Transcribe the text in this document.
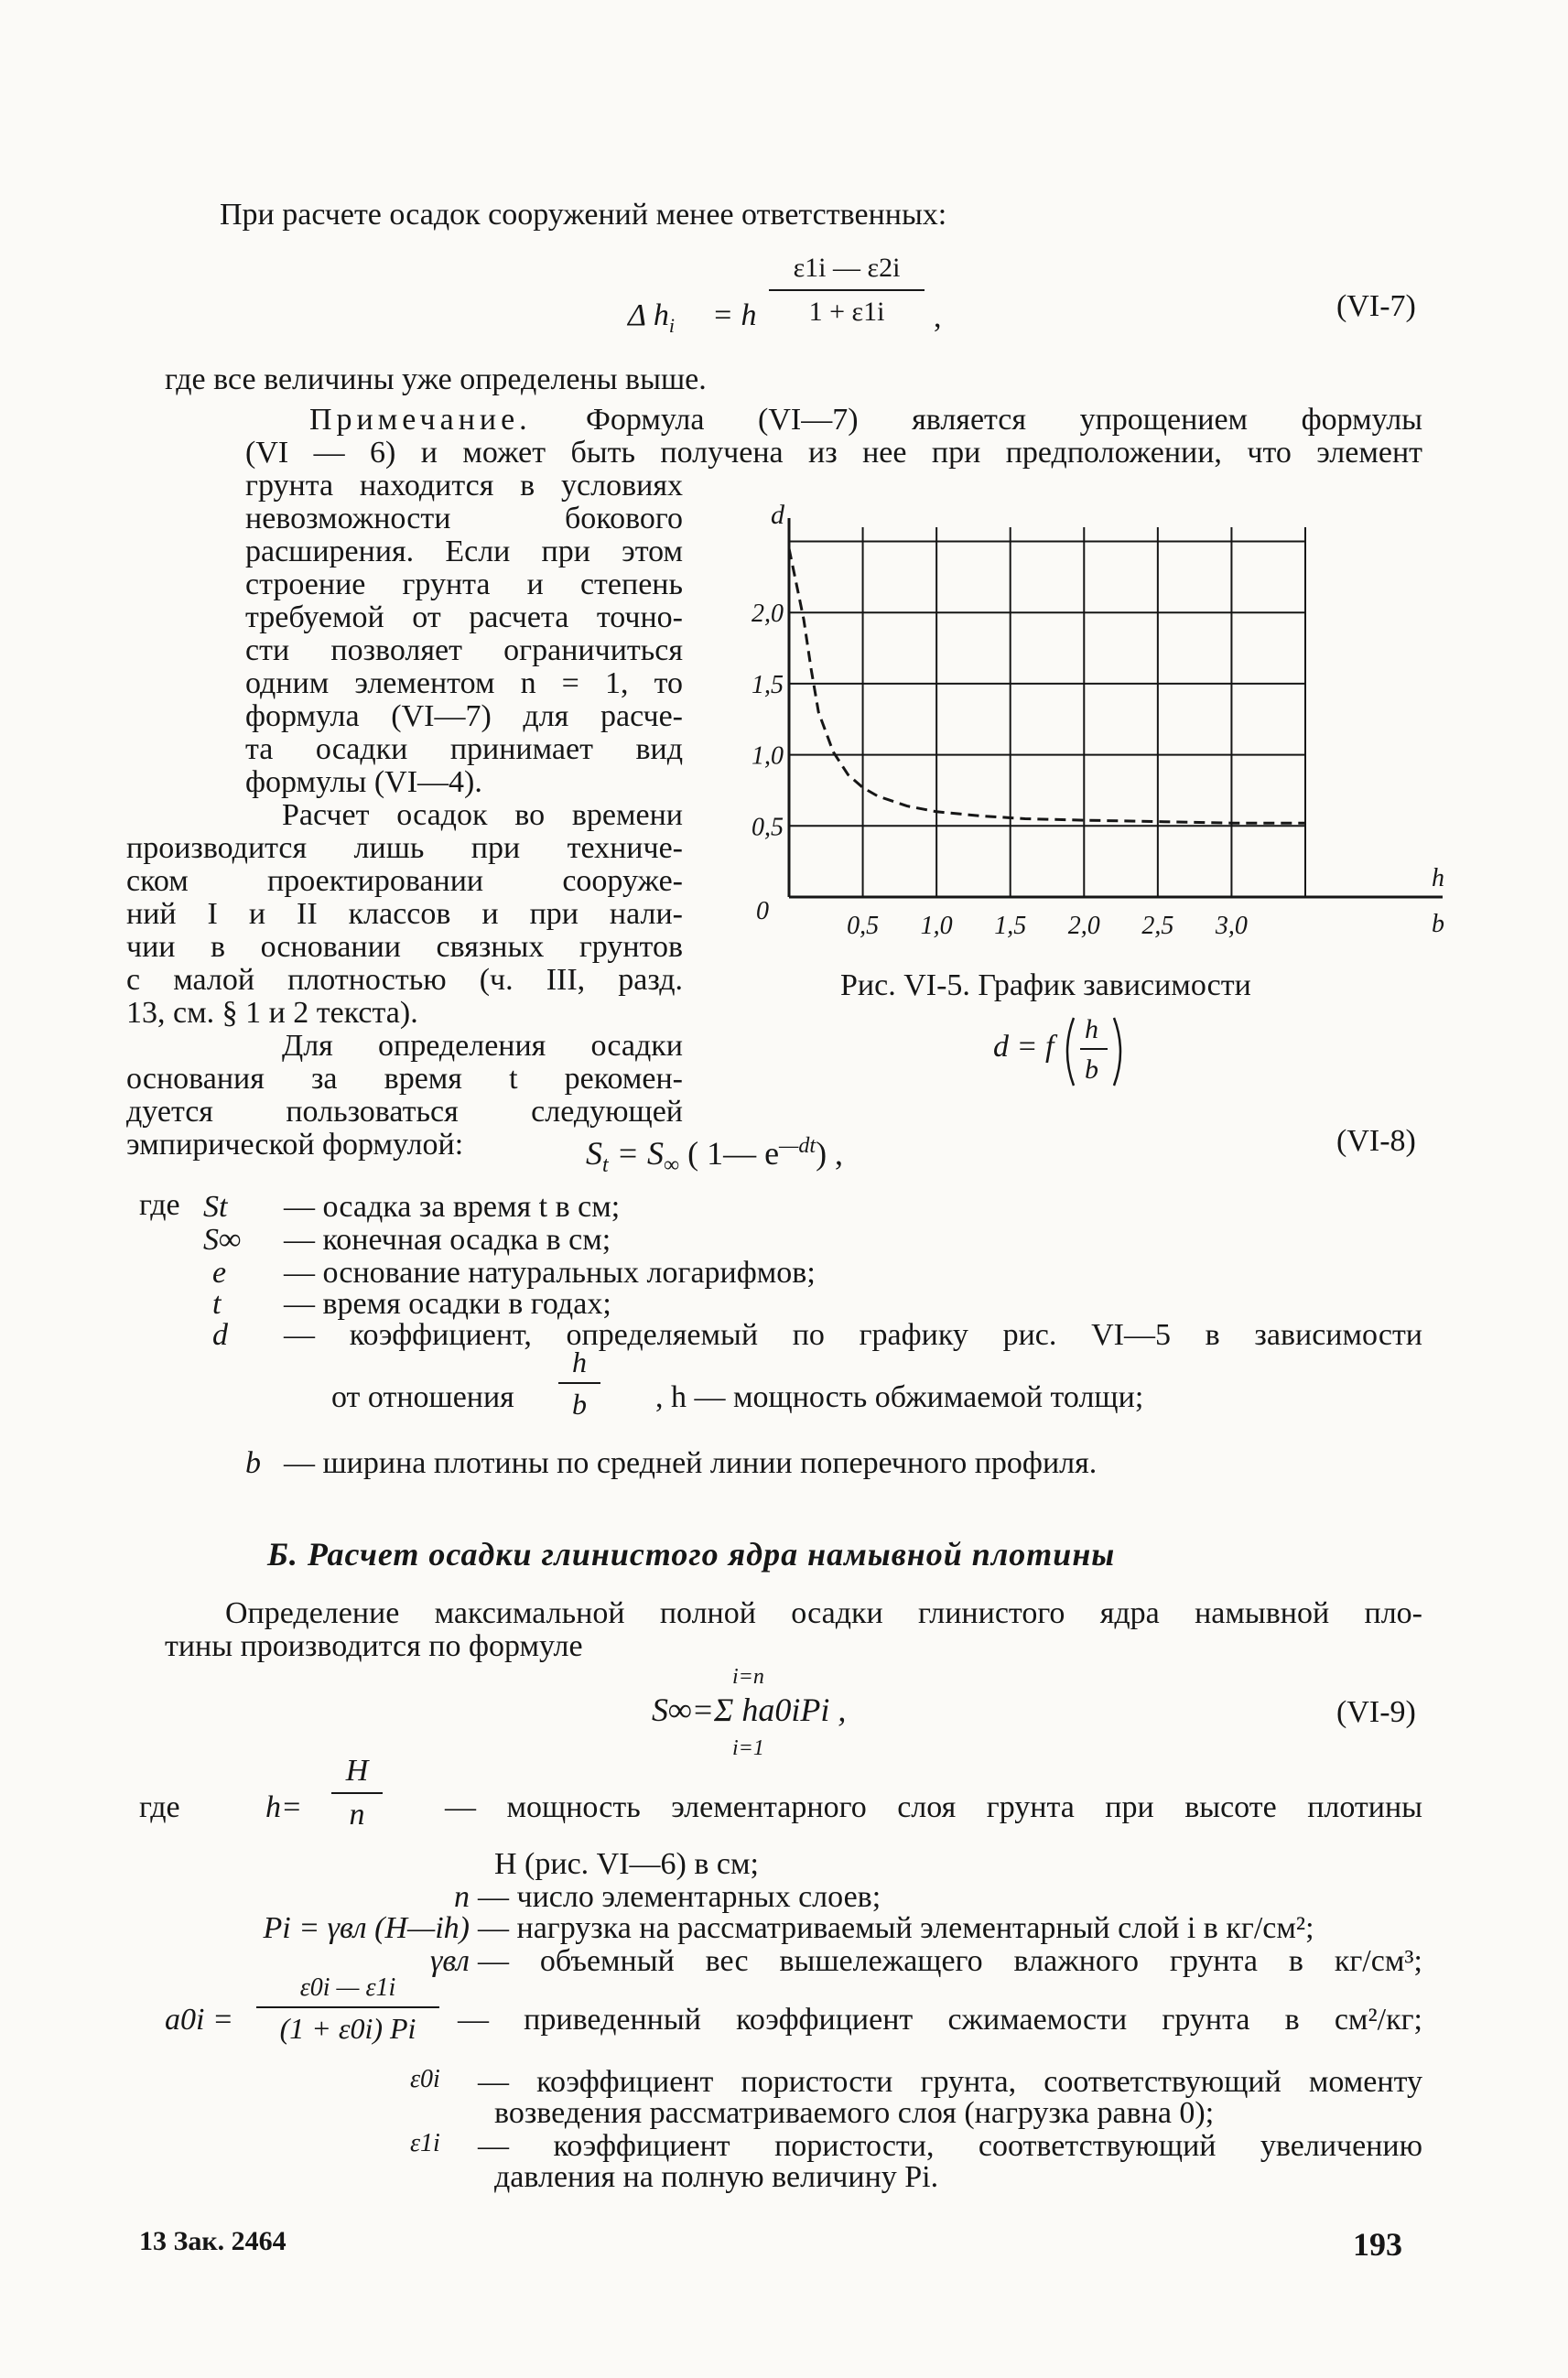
При расчете осадок сооружений менее ответственных:
Δ $h_i = h$
ε1i — ε2i
1 + ε1i	,	(VI-7)
где все величины уже определены выше.
Примечание. Формула (VI—7) является упрощением формулы
(VI — 6) и может быть получена из нее при предположении, что элемент
грунта находится в условиях
невозможности бокового
расширения. Если при этом
строение грунта и степень
требуемой от расчета точно-
сти позволяет ограничиться
одним элементом n = 1, то
формула (VI—7) для расче-
та осадки принимает вид
формулы (VI—4).
Расчет осадок во времени
производится лишь при техниче-
ском проектировании сооруже-
ний I и II классов и при нали-
чии в основании связных грунтов
с малой плотностью (ч. III, разд.
13, см. § 1 и 2 текста).
Для определения осадки
основания за время t рекомен-
дуется пользоваться следующей
эмпирической формулой:
0,5 1,0 1,5 2,0 2,5 3,0
0,5
1,0
1,5
2,0
0
d
h
b
Рис. VI-5. График зависимости
d = f
h
b
$S_t = S_\infty$ ( 1— $e^{—dt}$) ,	(VI-8)
где St — осадка за время t в см;
S∞ — конечная осадка в см;
e — основание натуральных логарифмов;
t — время осадки в годах;
d — коэффициент, определяемый по графику рис. VI—5 в зависимости
от отношения
h
b	, h — мощность обжимаемой толщи;
b — ширина плотины по средней линии поперечного профиля.
Б. Расчет осадки глинистого ядра намывной плотины
Определение максимальной полной осадки глинистого ядра намывной пло-
тины производится по формуле
i=n
S∞=Σ ha0iPi ,
i=1
(VI-9)
где	h=
H
n	— мощность элементарного слоя грунта при высоте плотины
H (рис. VI—6) в см;
n — число элементарных слоев;
Pi = γвл (H—ih) — нагрузка на рассматриваемый элементарный слой i в кг/см²;
γвл — объемный вес вышележащего влажного грунта в кг/см³;
a0i =
ε0i — ε1i
(1 + ε0i) Pi	— приведенный коэффициент сжимаемости грунта в см²/кг;
ε0i — коэффициент пористости грунта, соответствующий моменту
возведения рассматриваемого слоя (нагрузка равна 0);
ε1i — коэффициент пористости, соответствующий увеличению
давления на полную величину Pi.
13 Зак. 2464	193
